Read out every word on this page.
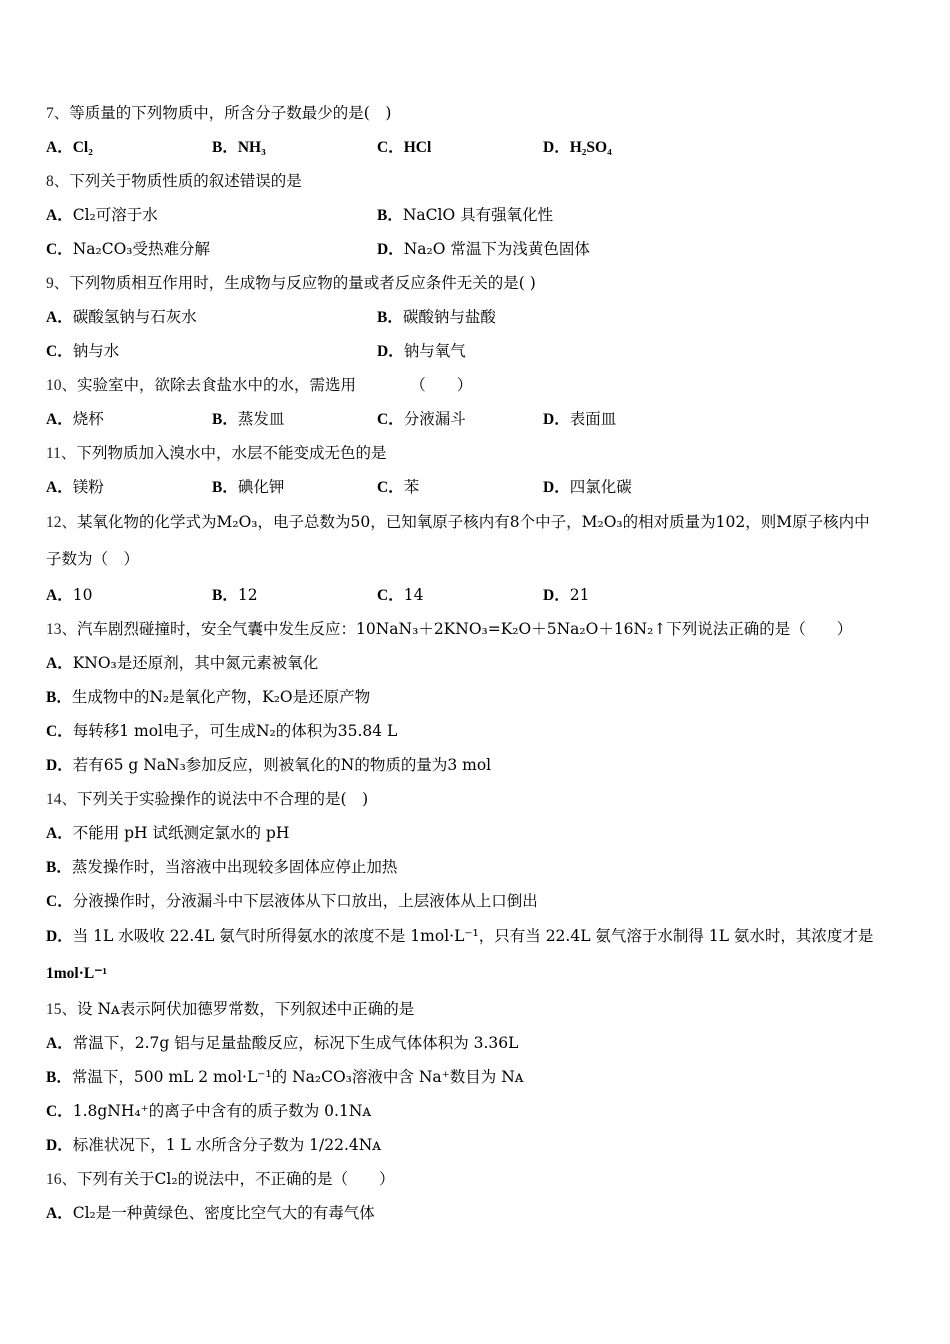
7、等质量的下列物质中，所含分子数最少的是(　)
A．Cl₂	B．NH₃	C．HCl	D．H₂SO₄
8、下列关于物质性质的叙述错误的是
A．Cl₂可溶于水	B．NaClO 具有强氧化性
C．Na₂CO₃受热难分解	D．Na₂O 常温下为浅黄色固体
9、下列物质相互作用时，生成物与反应物的量或者反应条件无关的是( )
A．碳酸氢钠与石灰水	B．碳酸钠与盐酸
C．钠与水	D．钠与氧气
10、实验室中，欲除去食盐水中的水，需选用　　　　（　　）
A．烧杯	B．蒸发皿	C．分液漏斗	D．表面皿
11、下列物质加入溴水中，水层不能变成无色的是
A．镁粉	B．碘化钾	C．苯	D．四氯化碳
12、某氧化物的化学式为M₂O₃，电子总数为50，已知氧原子核内有8个中子，M₂O₃的相对质量为102，则M原子核内中
子数为（　）
A．10	B．12	C．14	D．21
13、汽车剧烈碰撞时，安全气囊中发生反应：10NaN₃＋2KNO₃=K₂O＋5Na₂O＋16N₂↑下列说法正确的是（　　）
A．KNO₃是还原剂，其中氮元素被氧化
B．生成物中的N₂是氧化产物，K₂O是还原产物
C．每转移1 mol电子，可生成N₂的体积为35.84 L
D．若有65 g NaN₃参加反应，则被氧化的N的物质的量为3 mol
14、下列关于实验操作的说法中不合理的是(　)
A．不能用 pH 试纸测定氯水的 pH
B．蒸发操作时，当溶液中出现较多固体应停止加热
C．分液操作时，分液漏斗中下层液体从下口放出，上层液体从上口倒出
D．当 1L 水吸收 22.4L 氨气时所得氨水的浓度不是 1mol·L⁻¹，只有当 22.4L 氨气溶于水制得 1L 氨水时，其浓度才是
1mol·L⁻¹
15、设 Nᴀ表示阿伏加德罗常数，下列叙述中正确的是
A．常温下，2.7g 铝与足量盐酸反应，标况下生成气体体积为 3.36L
B．常温下，500 mL 2 mol·L⁻¹的 Na₂CO₃溶液中含 Na⁺数目为 Nᴀ
C．1.8gNH₄⁺的离子中含有的质子数为 0.1Nᴀ
D．标准状况下，1 L 水所含分子数为 1/22.4Nᴀ
16、下列有关于Cl₂的说法中，不正确的是（　　）
A．Cl₂是一种黄绿色、密度比空气大的有毒气体
